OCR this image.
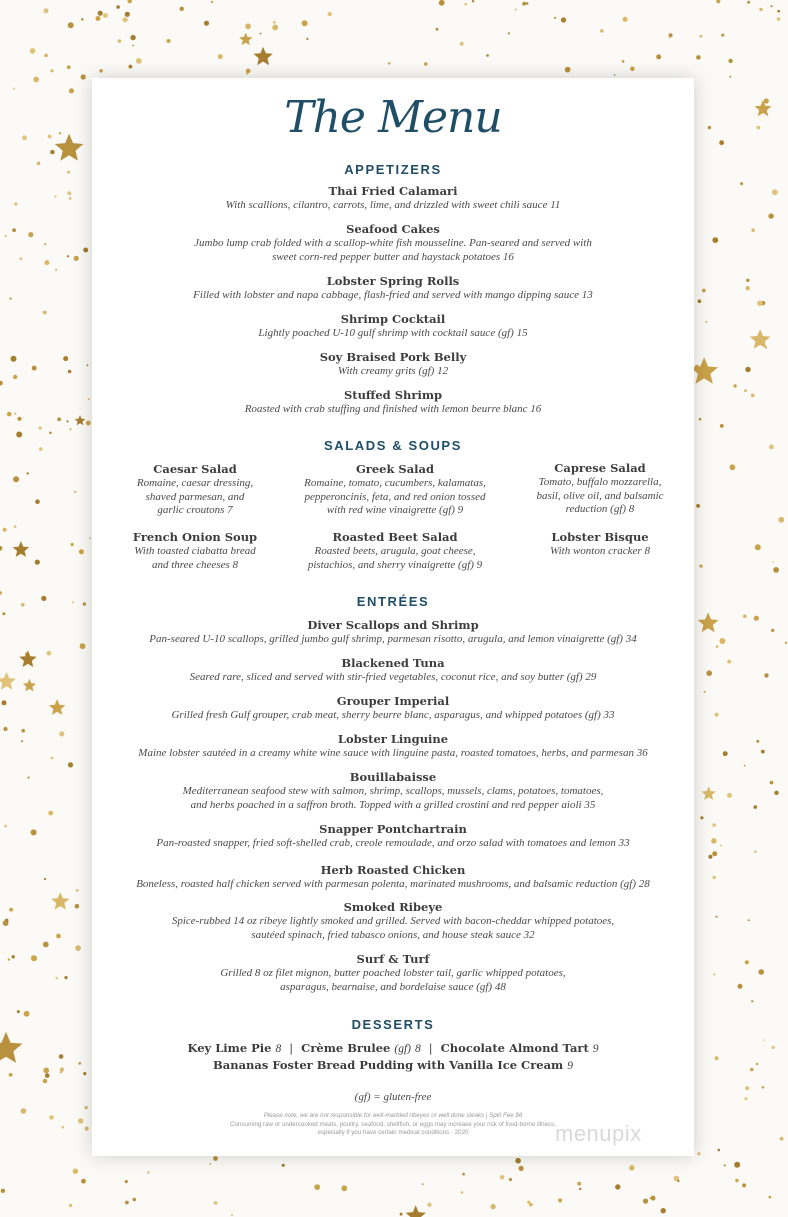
The Menu
APPETIZERS
Thai Fried Calamari
With scallions, cilantro, carrots, lime, and drizzled with sweet chili sauce 11
Seafood Cakes
Jumbo lump crab folded with a scallop-white fish mousseline. Pan-seared and served with
sweet corn-red pepper butter and haystack potatoes 16
Lobster Spring Rolls
Filled with lobster and napa cabbage, flash-fried and served with mango dipping sauce 13
Shrimp Cocktail
Lightly poached U-10 gulf shrimp with cocktail sauce (gf) 15
Soy Braised Pork Belly
With creamy grits (gf) 12
Stuffed Shrimp
Roasted with crab stuffing and finished with lemon beurre blanc 16
SALADS & SOUPS
Caesar Salad
Romaine, caesar dressing,
shaved parmesan, and
garlic croutons 7
Greek Salad
Romaine, tomato, cucumbers, kalamatas,
pepperoncinis, feta, and red onion tossed
with red wine vinaigrette (gf) 9
Caprese Salad
Tomato, buffalo mozzarella,
basil, olive oil, and balsamic
reduction (gf) 8
French Onion Soup
With toasted ciabatta bread
and three cheeses 8
Roasted Beet Salad
Roasted beets, arugula, goat cheese,
pistachios, and sherry vinaigrette (gf) 9
Lobster Bisque
With wonton cracker 8
ENTRÉES
Diver Scallops and Shrimp
Pan-seared U-10 scallops, grilled jumbo gulf shrimp, parmesan risotto, arugula, and lemon vinaigrette (gf) 34
Blackened Tuna
Seared rare, sliced and served with stir-fried vegetables, coconut rice, and soy butter (gf) 29
Grouper Imperial
Grilled fresh Gulf grouper, crab meat, sherry beurre blanc, asparagus, and whipped potatoes (gf) 33
Lobster Linguine
Maine lobster sautéed in a creamy white wine sauce with linguine pasta, roasted tomatoes, herbs, and parmesan 36
Bouillabaisse
Mediterranean seafood stew with salmon, shrimp, scallops, mussels, clams, potatoes, tomatoes,
and herbs poached in a saffron broth. Topped with a grilled crostini and red pepper aioli 35
Snapper Pontchartrain
Pan-roasted snapper, fried soft-shelled crab, creole remoulade, and orzo salad with tomatoes and lemon 33
Herb Roasted Chicken
Boneless, roasted half chicken served with parmesan polenta, marinated mushrooms, and balsamic reduction (gf) 28
Smoked Ribeye
Spice-rubbed 14 oz ribeye lightly smoked and grilled. Served with bacon-cheddar whipped potatoes,
sautéed spinach, fried tabasco onions, and house steak sauce 32
Surf & Turf
Grilled 8 oz filet mignon, butter poached lobster tail, garlic whipped potatoes,
asparagus, bearnaise, and bordelaise sauce (gf) 48
DESSERTS
Key Lime Pie 8 | Crème Brulee (gf) 8 | Chocolate Almond Tart 9
Bananas Foster Bread Pudding with Vanilla Ice Cream 9
(gf) = gluten-free
Please note, we are not responsible for well-marbled ribeyes or well done steaks | Split Fee $6
Consuming raw or undercooked meats, poultry, seafood, shellfish, or eggs may increase your risk of food-borne illness,
especially if you have certain medical conditions · 2020	menupix
